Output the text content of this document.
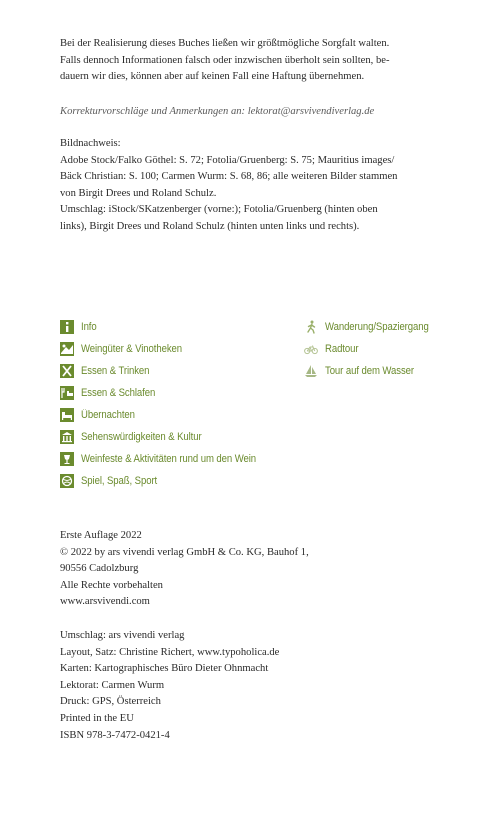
Bei der Realisierung dieses Buches ließen wir größtmögliche Sorgfalt walten.

Falls dennoch Informationen falsch oder inzwischen überholt sein sollten, be-

dauern wir dies, können aber auf keinen Fall eine Haftung übernehmen.

Korrekturvorschläge und Anmerkungen an: lektorat@arsvivendiverlag.de

Bildnachweis:

Adobe Stock/Falko Göthel: S. 72; Fotolia/Gruenberg: S. 75; Mauritius images/

Bäck Christian: S. 100; Carmen Wurm: S. 68, 86; alle weiteren Bilder stammen

von Birgit Drees und Roland Schulz.

Umschlag: iStock/SKatzenberger (vorne:); Fotolia/Gruenberg (hinten oben

links), Birgit Drees und Roland Schulz (hinten unten links und rechts).

Info
Weingüter & Vinotheken
Essen & Trinken
Essen & Schlafen
Übernachten
Sehenswürdigkeiten & Kultur
Weinfeste & Aktivitäten rund um den Wein
Spiel, Spaß, Sport
Wanderung/Spaziergang
Radtour
Tour auf dem Wasser

Erste Auflage 2022

© 2022 by ars vivendi verlag GmbH & Co. KG, Bauhof 1,

90556 Cadolzburg

Alle Rechte vorbehalten

www.arsvivendi.com

Umschlag: ars vivendi verlag

Layout, Satz: Christine Richert, www.typoholica.de

Karten: Kartographisches Büro Dieter Ohnmacht

Lektorat: Carmen Wurm

Druck: GPS, Österreich

Printed in the EU

ISBN 978-3-7472-0421-4
